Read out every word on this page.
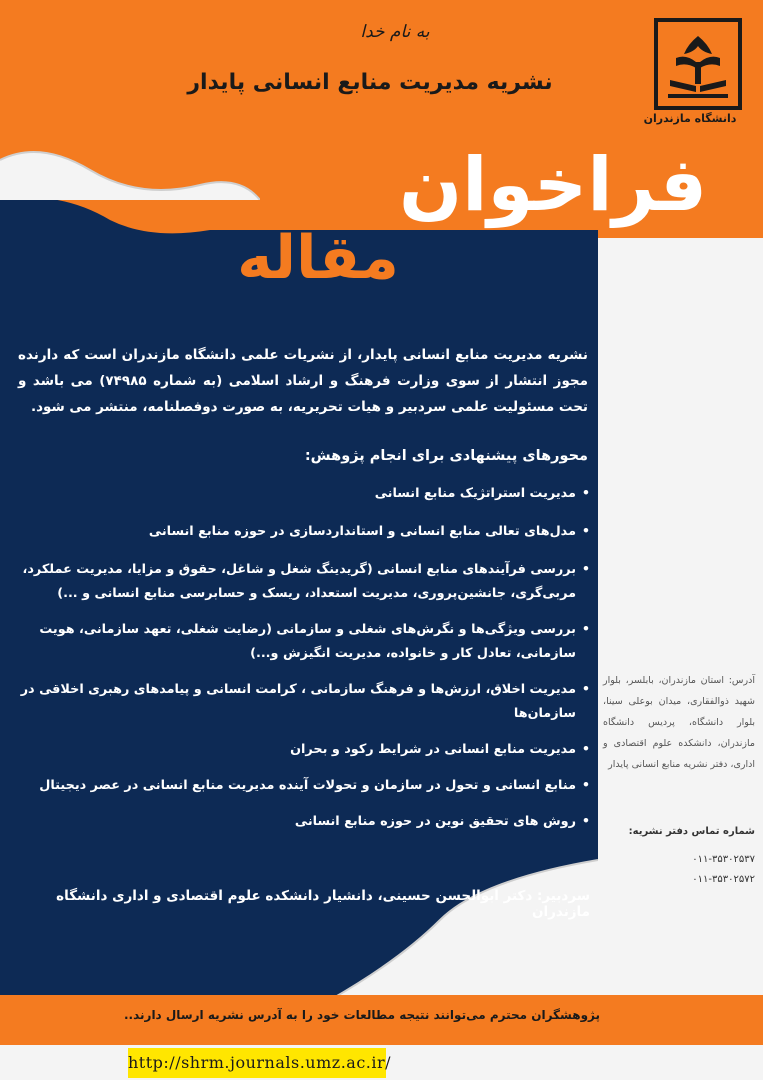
دانشگاه مازندران
به نام خدا
نشریه مدیریت منابع انسانی پایدار
فراخوان
مقاله
نشریه مدیریت منابع انسانی پایدار، از نشریات علمی دانشگاه مازندران است که دارنده مجوز انتشار از سوی وزارت فرهنگ و ارشاد اسلامی (به شماره ۷۴۹۸۵) می باشد و تحت مسئولیت علمی سردبیر و هیات تحریریه، به صورت دوفصلنامه، منتشر می شود.
محورهای پیشنهادی برای انجام پژوهش:
• مدیریت استراتژیک منابع انسانی
• مدل‌های تعالی منابع انسانی و استانداردسازی در حوزه منابع انسانی
• بررسی فرآیندهای منابع انسانی (گریدینگ شغل و شاغل، حقوق و مزایا، مدیریت عملکرد، مربی‌گری، جانشین‌پروری، مدیریت استعداد، ریسک و حسابرسی منابع انسانی و ...)
• بررسی ویژگی‌ها و نگرش‌های شغلی و سازمانی (رضایت شغلی، تعهد سازمانی، هویت سازمانی، تعادل کار و خانواده، مدیریت انگیزش و...)
• مدیریت اخلاق، ارزش‌ها و فرهنگ سازمانی ، کرامت انسانی و پیامدهای رهبری اخلاقی در سازمان‌ها
• مدیریت منابع انسانی در شرایط رکود و بحران
• منابع انسانی و تحول در سازمان و تحولات آینده مدیریت منابع انسانی در عصر دیجیتال
• روش های تحقیق نوین در حوزه منابع انسانی
سردبیر: دکتر ابوالحسن حسینی، دانشیار دانشکده علوم اقتصادی و اداری دانشگاه مازندران
آدرس: استان مازندران، بابلسر، بلوار شهید ذوالفقاری، میدان بوعلی سینا، بلوار دانشگاه، پردیس دانشگاه مازندران، دانشکده علوم اقتصادی و اداری، دفتر نشریه منابع انسانی پایدار
شماره تماس دفتر نشریه:
۰۱۱-۳۵۳۰۲۵۳۷
۰۱۱-۳۵۳۰۲۵۷۲
پژوهشگران محترم می‌توانند نتیجه مطالعات خود را به آدرس نشریه ارسال دارند..
http://shrm.journals.umz.ac.ir/
